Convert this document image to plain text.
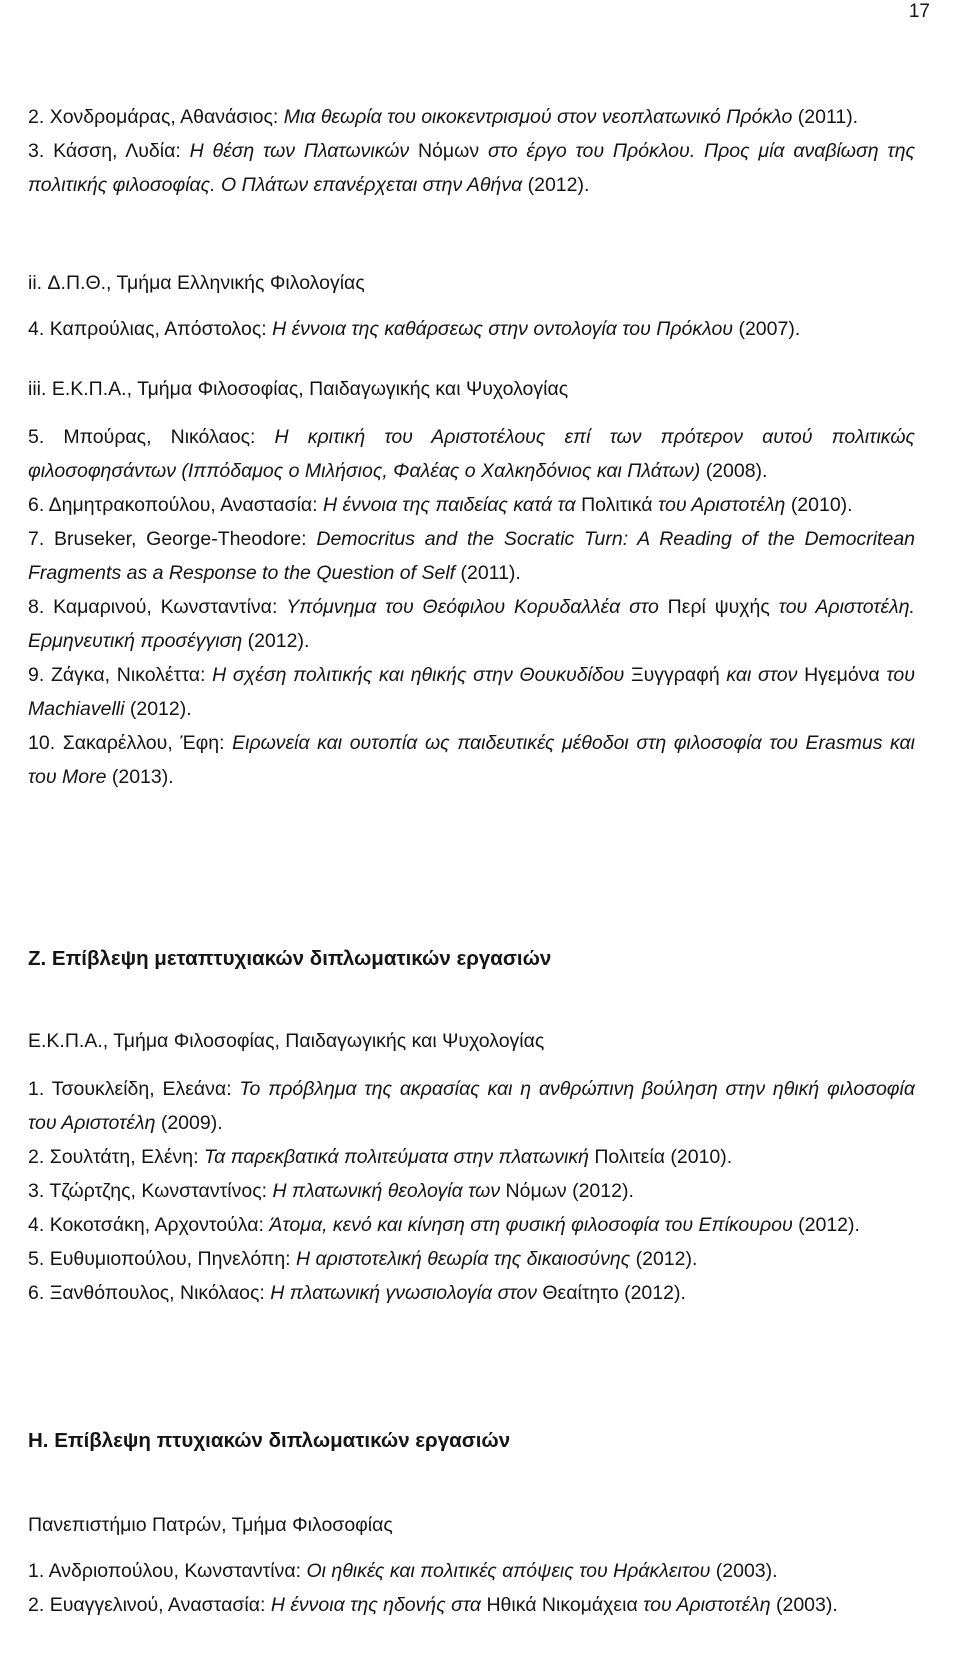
17

2. Χονδρομάρας, Αθανάσιος: Μια θεωρία του οικοκεντρισμού στον νεοπλατωνικό Πρόκλο (2011).

3. Κάσση, Λυδία: Η θέση των Πλατωνικών Νόμων στο έργο του Πρόκλου. Προς μία αναβίωση της πολιτικής φιλοσοφίας. Ο Πλάτων επανέρχεται στην Αθήνα (2012).

ii. Δ.Π.Θ., Τμήμα Ελληνικής Φιλολογίας
4. Καπρούλιας, Απόστολος: Η έννοια της καθάρσεως στην οντολογία του Πρόκλου (2007).
iii. Ε.Κ.Π.Α., Τμήμα Φιλοσοφίας, Παιδαγωγικής και Ψυχολογίας

5. Μπούρας, Νικόλαος: Η κριτική του Αριστοτέλους επί των πρότερον αυτού πολιτικώς φιλοσοφησάντων (Ιππόδαμος ο Μιλήσιος, Φαλέας ο Χαλκηδόνιος και Πλάτων) (2008).

6. Δημητρακοπούλου, Αναστασία: Η έννοια της παιδείας κατά τα Πολιτικά του Αριστοτέλη (2010).

7. Bruseker, George-Theodore: Democritus and the Socratic Turn: A Reading of the Democritean Fragments as a Response to the Question of Self (2011).

8. Καμαρινού, Κωνσταντίνα: Υπόμνημα του Θεόφιλου Κορυδαλλέα στο Περί ψυχής του Αριστοτέλη. Ερμηνευτική προσέγγιση (2012).

9. Ζάγκα, Νικολέττα: Η σχέση πολιτικής και ηθικής στην Θουκυδίδου Ξυγγραφή και στον Ηγεμόνα του Machiavelli (2012).

10. Σακαρέλλου, Έφη: Ειρωνεία και ουτοπία ως παιδευτικές μέθοδοι στη φιλοσοφία του Erasmus και του More (2013).

Ζ. Επίβλεψη μεταπτυχιακών διπλωματικών εργασιών
Ε.Κ.Π.Α., Τμήμα Φιλοσοφίας, Παιδαγωγικής και Ψυχολογίας

1. Τσουκλείδη, Ελεάνα: Το πρόβλημα της ακρασίας και η ανθρώπινη βούληση στην ηθική φιλοσοφία του Αριστοτέλη (2009).

2. Σουλτάτη, Ελένη: Τα παρεκβατικά πολιτεύματα στην πλατωνική Πολιτεία (2010).

3. Τζώρτζης, Κωνσταντίνος: Η πλατωνική θεολογία των Νόμων (2012).

4. Κοκοτσάκη, Αρχοντούλα: Άτομα, κενό και κίνηση στη φυσική φιλοσοφία του Επίκουρου (2012).

5. Ευθυμιοπούλου, Πηνελόπη: Η αριστοτελική θεωρία της δικαιοσύνης (2012).

6. Ξανθόπουλος, Νικόλαος: Η πλατωνική γνωσιολογία στον Θεαίτητο (2012).

Η. Επίβλεψη πτυχιακών διπλωματικών εργασιών
Πανεπιστήμιο Πατρών, Τμήμα Φιλοσοφίας

1. Ανδριοπούλου, Κωνσταντίνα: Οι ηθικές και πολιτικές απόψεις του Ηράκλειτου (2003).

2. Ευαγγελινού, Αναστασία: Η έννοια της ηδονής στα Ηθικά Νικομάχεια του Αριστοτέλη (2003).
